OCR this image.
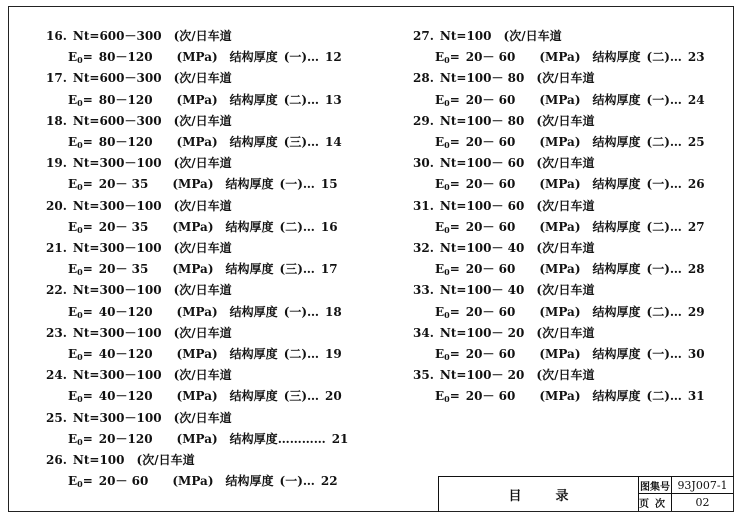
16. Nt=600－300 (次/日车道
$E_0= 80-120$ (MPa) 结构厚度 (一)… 12
17. Nt=600－300 (次/日车道
$E_0= 80-120$ (MPa) 结构厚度 (二)… 13
18. Nt=600－300 (次/日车道
$E_0= 80-120$ (MPa) 结构厚度 (三)… 14
19. Nt=300－100 (次/日车道
$E_0= 20- 35$ (MPa) 结构厚度 (一)… 15
20. Nt=300－100 (次/日车道
$E_0= 20- 35$ (MPa) 结构厚度 (二)… 16
21. Nt=300－100 (次/日车道
$E_0= 20- 35$ (MPa) 结构厚度 (三)… 17
22. Nt=300－100 (次/日车道
$E_0= 40-120$ (MPa) 结构厚度 (一)… 18
23. Nt=300－100 (次/日车道
$E_0= 40-120$ (MPa) 结构厚度 (二)… 19
24. Nt=300－100 (次/日车道
$E_0= 40-120$ (MPa) 结构厚度 (三)… 20
25. Nt=300－100 (次/日车道
$E_0= 20-120$ (MPa) 结构厚度………… 21
26. Nt=100 (次/日车道
$E_0= 20- 60$ (MPa) 结构厚度 (一)… 22
27. Nt=100 (次/日车道
$E_0= 20- 60$ (MPa) 结构厚度 (二)… 23
28. Nt=100－ 80 (次/日车道
$E_0= 20- 60$ (MPa) 结构厚度 (一)… 24
29. Nt=100－ 80 (次/日车道
$E_0= 20- 60$ (MPa) 结构厚度 (二)… 25
30. Nt=100－ 60 (次/日车道
$E_0= 20- 60$ (MPa) 结构厚度 (一)… 26
31. Nt=100－ 60 (次/日车道
$E_0= 20- 60$ (MPa) 结构厚度 (二)… 27
32. Nt=100－ 40 (次/日车道
$E_0= 20- 60$ (MPa) 结构厚度 (一)… 28
33. Nt=100－ 40 (次/日车道
$E_0= 20- 60$ (MPa) 结构厚度 (二)… 29
34. Nt=100－ 20 (次/日车道
$E_0= 20- 60$ (MPa) 结构厚度 (一)… 30
35. Nt=100－ 20 (次/日车道
$E_0= 20- 60$ (MPa) 结构厚度 (二)… 31
目录
图集号 93J007-1
页次	02
